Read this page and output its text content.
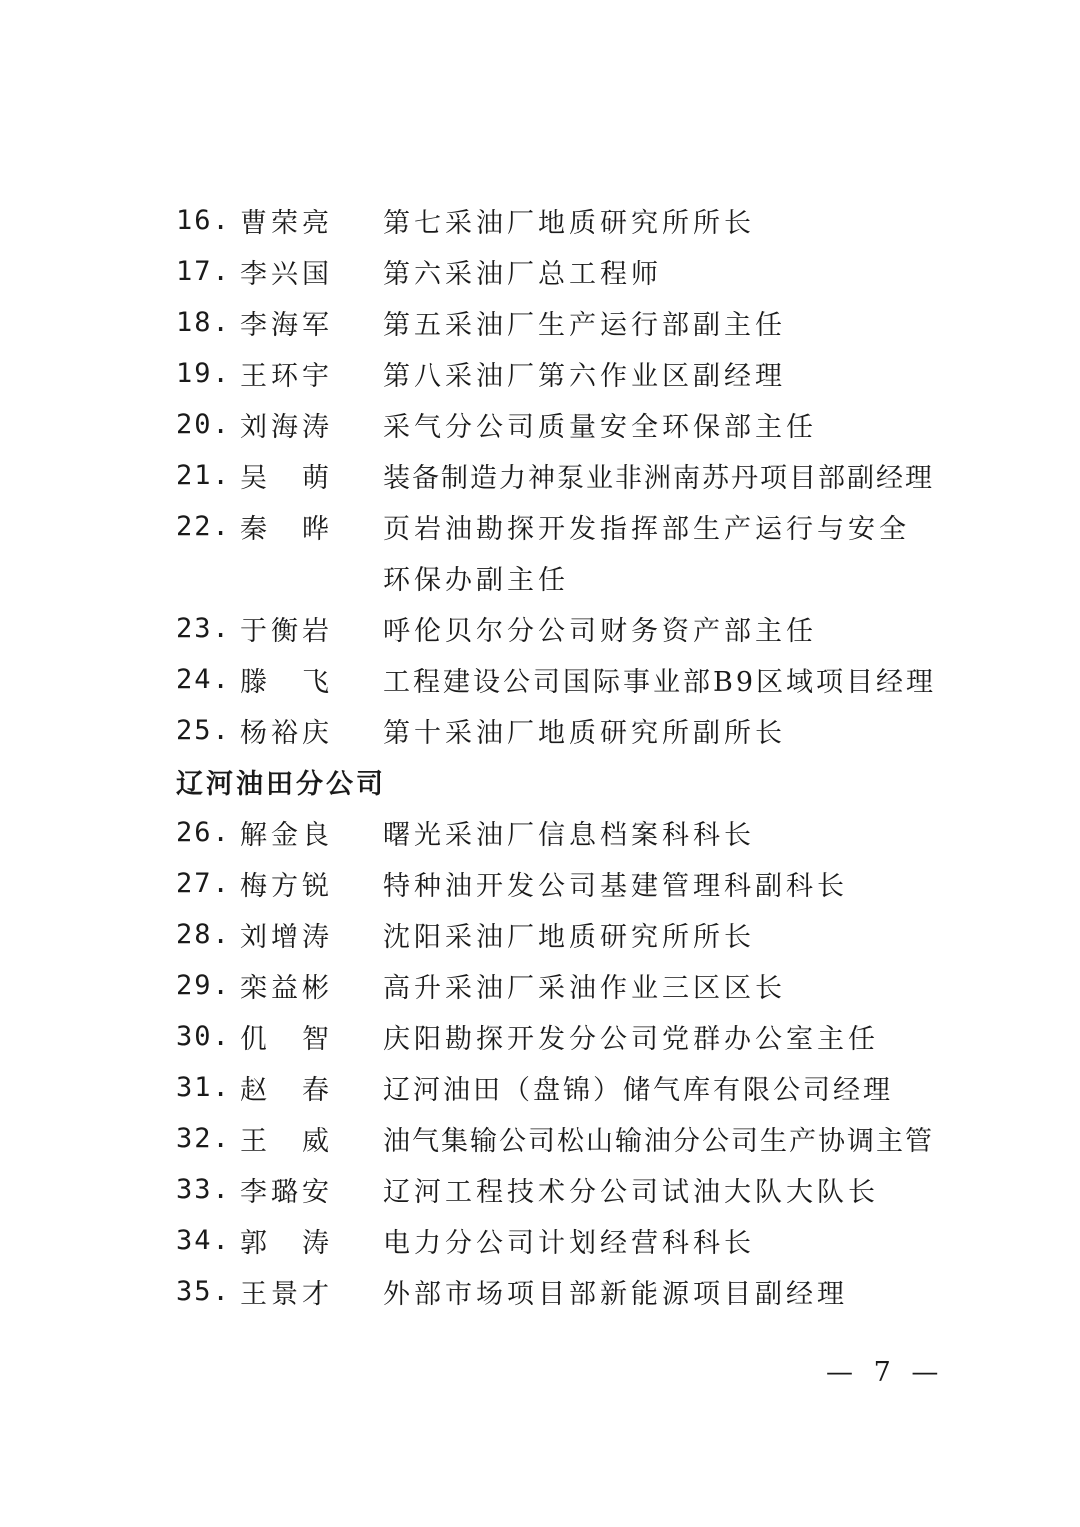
16. 曹荣亮	第七采油厂地质研究所所长
17. 李兴国	第六采油厂总工程师
18. 李海军	第五采油厂生产运行部副主任
19. 王环宇	第八采油厂第六作业区副经理
20. 刘海涛	采气分公司质量安全环保部主任
21. 吴　萌	装备制造力神泵业非洲南苏丹项目部副经理
22. 秦　晔	页岩油勘探开发指挥部生产运行与安全
环保办副主任
23. 于衡岩	呼伦贝尔分公司财务资产部主任
24. 滕　飞	工程建设公司国际事业部B9区域项目经理
25. 杨裕庆	第十采油厂地质研究所副所长
辽河油田分公司
26. 解金良	曙光采油厂信息档案科科长
27. 梅方锐	特种油开发公司基建管理科副科长
28. 刘增涛	沈阳采油厂地质研究所所长
29. 栾益彬	高升采油厂采油作业三区区长
30. 仉　智	庆阳勘探开发分公司党群办公室主任
31. 赵　春	辽河油田（盘锦）储气库有限公司经理
32. 王　威	油气集输公司松山输油分公司生产协调主管
33. 李璐安	辽河工程技术分公司试油大队大队长
34. 郭　涛	电力分公司计划经营科科长
35. 王景才	外部市场项目部新能源项目副经理
— 7 —
